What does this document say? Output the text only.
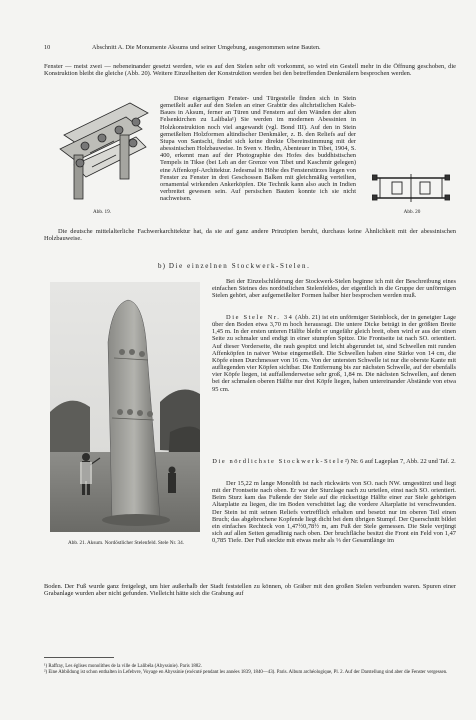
10	Abschnitt A. Die Monumente Aksums und seiner Umgebung, ausgenommen seine Bauten.

Fenster — meist zwei — nebeneinander gesetzt werden, wie es auf den Stelen sehr oft vorkommt, so wird ein Gestell mehr in die Öffnung geschoben, die Konstruktion bleibt die gleiche (Abb. 20). Weitere Einzelheiten der Konstruktion werden bei den betreffenden Denkmälern besprochen werden.

Abb. 19.

Diese eigenartigen Fenster- und Türgestelle finden sich in Stein gemeißelt außer auf den Stelen an einer Grabtür des altchristlichen Kaleb-Baues in Aksum, ferner an Türen und Fenstern auf den Wänden der alten Felsenkirchen zu Lalibala¹) Sie werden im modernen Abessinien in Holzkonstruktion noch viel angewandt (vgl. Bond III). Auf den in Stein gemeißelten Holzformen altindischer Denkmäler, z. B. den Reliefs auf der Stupa von Santschi, findet sich keine direkte Übereinstimmung mit der abessinischen Holzbauweise. In Sven v. Hedin, Abenteuer in Tibet, 1904, S. 400, erkennt man auf der Photographie des Hofes des buddhistischen Tempels in Tikse (bei Leh an der Grenze von Tibet und Kaschmir gelegen) eine Affenkopf-Architektur. Jedesmal in Höhe des Fensterstürzes liegen von Fenster zu Fenster in drei Geschossen Balken mit gleichmäßig verteilten, ornamental wirkenden Ankerköpfen. Die Technik kann also auch in Indien verbreitet gewesen sein. Auf persischen Bauten konnte ich sie nicht nachweisen.

Abb. 20

Die deutsche mittelalterliche Fachwerkarchitektur hat, da sie auf ganz andere Prinzipien beruht, durchaus keine Ähnlichkeit mit der abessinischen Holzbauweise.

b) Die einzelnen Stockwerk-Stelen.
Abb. 21. Aksum. Nordöstlicher Stelenfeld. Stele Nr. 34.

Bei der Einzelschilderung der Stockwerk-Stelen beginne ich mit der Beschreibung eines einfachen Steines des nordöstlichen Stelenfeldes, der eigentlich in die Gruppe der unförmigen Stelen gehört, aber aufgemeißelter Formen halber hier besprochen werden muß.

Die Stele Nr. 34 (Abb. 21) ist ein unförmiger Steinblock, der in geneigter Lage über den Boden etwa 3,70 m hoch herausragt. Die untere Dicke beträgt in der größten Breite 1,45 m. In der ersten unteren Hälfte bleibt er ungefähr gleich breit, oben wird er aus der einen Seite zu schmaler und endigt in einer stumpfen Spitze. Die Frontseite ist nach SO. orientiert. Auf dieser Vorderseite, die rauh gespitzt und leicht abgerundet ist, sind Schwellen mit runden Affenköpfen in naiver Weise eingemeißelt. Die Schwellen haben eine Stärke von 14 cm, die Köpfe einen Durchmesser von 16 cm. Von der untersten Schwelle ist nur die oberste Kante mit aufliegenden vier Köpfen sichtbar. Die Entfernung bis zur nächsten Schwelle, auf der ebenfalls vier Köpfe liegen, ist auffallenderweise sehr groß, 1,84 m. Die nächsten Schwellen, auf denen bei der schmalen oberen Hälfte nur drei Köpfe liegen, haben untereinander Abstände von etwa 95 cm.

Die nördlichste Stockwerk-Stele²) Nr. 6 auf Lageplan 7, Abb. 22 und Taf. 2.

Der 15,22 m lange Monolith ist nach rückwärts von SO. nach NW. umgestürzt und liegt mit der Frontseite nach oben. Er war der Sturzlage nach zu urteilen, einst nach SO. orientiert. Beim Sturz kam das Fußende der Stele auf die rückseitige Hälfte einer zur Stele gehörigen Altarplatte zu liegen, die im Boden verschüttet lag; die vordere Altarplatte ist verschwunden. Der Stein ist mit seinen Reliefs vortrefflich erhalten und besetzt nur im oberen Teil einen Bruch; das abgebrochene Kopfende liegt dicht bei dem übrigen Stumpf. Der Querschnitt bildet ein einfaches Rechteck von 1,47½0,78½ m, am Fuß der Stele gemessen. Die Stele verjüngt sich auf allen Seiten geradlinig nach oben. Der bruchfläche besitzt die Front ein Feld von 1,47 0,785 Tiefe. Der Fuß steckte mit etwas mehr als ⅓ der Gesamtlänge im

Boden. Der Fuß wurde ganz freigelegt, um hier außerhalb der Stadt feststellen zu können, ob Gräber mit den großen Stelen verbunden waren. Spuren einer Grabanlage wurden aber nicht gefunden. Vielleicht hätte sich die Grabung auf

¹) Raffray, Les églises monolithes de la ville de Lalibéla (Abyssinie). Paris 1882.

²) Eine Abbildung ist schon enthalten in Lefebvre, Voyage en Abyssinie (exécuté pendant les années 1839, 1840—43). Paris. Album archéologique, Pl. 2. Auf der Darstellung sind aber die Fenster vergessen.
